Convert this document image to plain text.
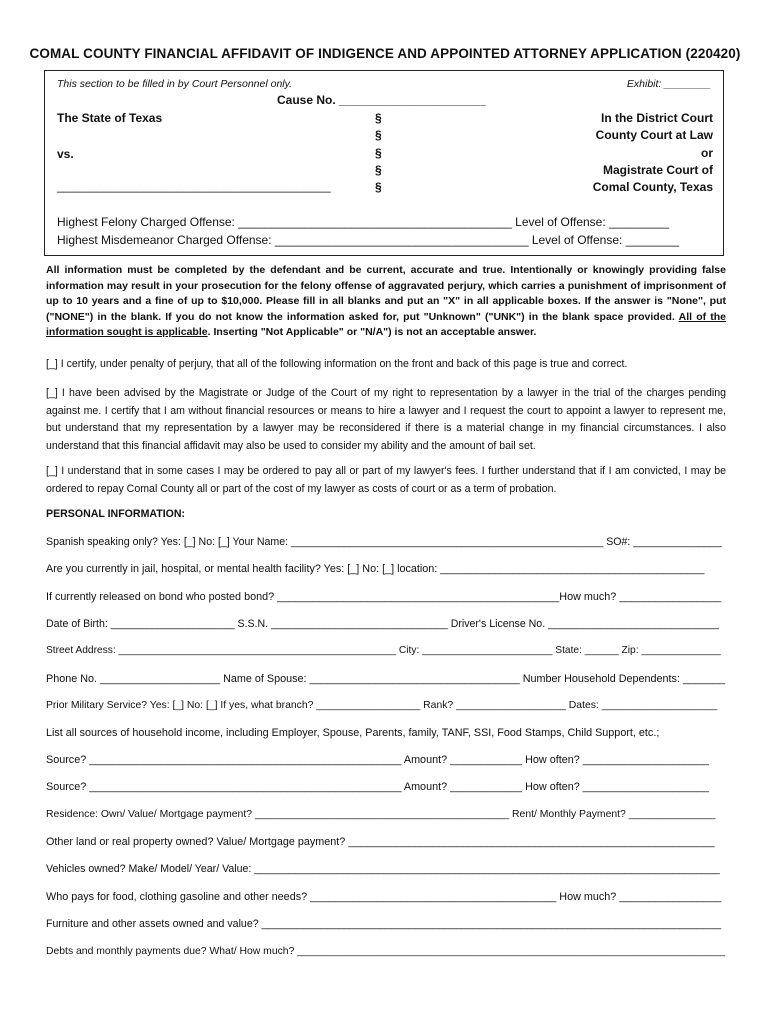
COMAL COUNTY FINANCIAL AFFIDAVIT OF INDIGENCE AND APPOINTED ATTORNEY APPLICATION (220420)
This section to be filled in by Court Personnel only.	Exhibit: ________
Cause No. ______________________
The State of Texas
vs.
_________________________________________
§
§
§
§
§
In the District Court
County Court at Law
or
Magistrate Court of
Comal County, Texas
Highest Felony Charged Offense: _________________________________________ Level of Offense: _________
Highest Misdemeanor Charged Offense: ______________________________________ Level of Offense: ________
All information must be completed by the defendant and be current, accurate and true. Intentionally or knowingly providing false information may result in your prosecution for the felony offense of aggravated perjury, which carries a punishment of imprisonment of up to 10 years and a fine of up to $10,000. Please fill in all blanks and put an "X" in all applicable boxes. If the answer is "None", put ("NONE") in the blank. If you do not know the information asked for, put "Unknown" ("UNK") in the blank space provided. All of the information sought is applicable. Inserting "Not Applicable" or "N/A") is not an acceptable answer.
[_] I certify, under penalty of perjury, that all of the following information on the front and back of this page is true and correct.
[_] I have been advised by the Magistrate or Judge of the Court of my right to representation by a lawyer in the trial of the charges pending against me. I certify that I am without financial resources or means to hire a lawyer and I request the court to appoint a lawyer to represent me, but understand that my representation by a lawyer may be reconsidered if there is a material change in my financial circumstances. I also understand that this financial affidavit may also be used to consider my ability and the amount of bail set.
[_] I understand that in some cases I may be ordered to pay all or part of my lawyer's fees. I further understand that if I am convicted, I may be ordered to repay Comal County all or part of the cost of my lawyer as costs of court or as a term of probation.
PERSONAL INFORMATION:
Spanish speaking only? Yes: [_] No: [_] Your Name: _____________________________________________________ SO#: _______________
Are you currently in jail, hospital, or mental health facility? Yes: [_] No: [_] location: ____________________________________________
If currently released on bond who posted bond? _______________________________________________How much? _________________
Date of Birth: _____________________ S.S.N. ______________________________ Driver's License No. _____________________________
Street Address: _________________________________________________ City: _______________________ State: ______ Zip: ______________
Phone No. ____________________ Name of Spouse: ___________________________________ Number Household Dependents: _______
Prior Military Service? Yes: [_] No: [_] If yes, what branch? __________________ Rank? ___________________ Dates: ____________________
List all sources of household income, including Employer, Spouse, Parents, family, TANF, SSI, Food Stamps, Child Support, etc.;
Source? ____________________________________________________ Amount? ____________ How often? _____________________
Source? ____________________________________________________ Amount? ____________ How often? _____________________
Residence: Own/ Value/ Mortgage payment? ____________________________________________ Rent/ Monthly Payment? _______________
Other land or real property owned? Value/ Mortgage payment? _____________________________________________________________
Vehicles owned? Make/ Model/ Year/ Value: _______________________________________________________________________________
Who pays for food, clothing gasoline and other needs? _________________________________________ How much? _________________
Furniture and other assets owned and value? ______________________________________________________________________________
Debts and monthly payments due? What/ How much? __________________________________________________________________________
